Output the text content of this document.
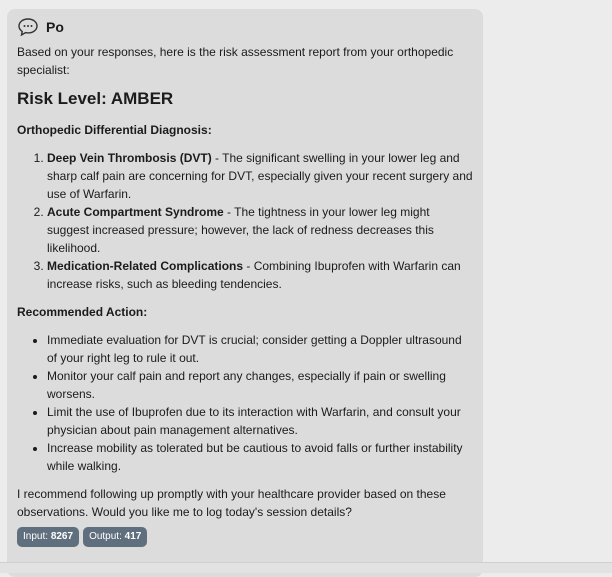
Po

Based on your responses, here is the risk assessment report from your orthopedic specialist:

Risk Level: AMBER
Orthopedic Differential Diagnosis:
1. Deep Vein Thrombosis (DVT) - The significant swelling in your lower leg and sharp calf pain are concerning for DVT, especially given your recent surgery and use of Warfarin.
2. Acute Compartment Syndrome - The tightness in your lower leg might suggest increased pressure; however, the lack of redness decreases this likelihood.
3. Medication-Related Complications - Combining Ibuprofen with Warfarin can increase risks, such as bleeding tendencies.
Recommended Action:
• Immediate evaluation for DVT is crucial; consider getting a Doppler ultrasound of your right leg to rule it out.
• Monitor your calf pain and report any changes, especially if pain or swelling worsens.
• Limit the use of Ibuprofen due to its interaction with Warfarin, and consult your physician about pain management alternatives.
• Increase mobility as tolerated but be cautious to avoid falls or further instability while walking.

I recommend following up promptly with your healthcare provider based on these observations. Would you like me to log today's session details?

Input: 8267	Output: 417
